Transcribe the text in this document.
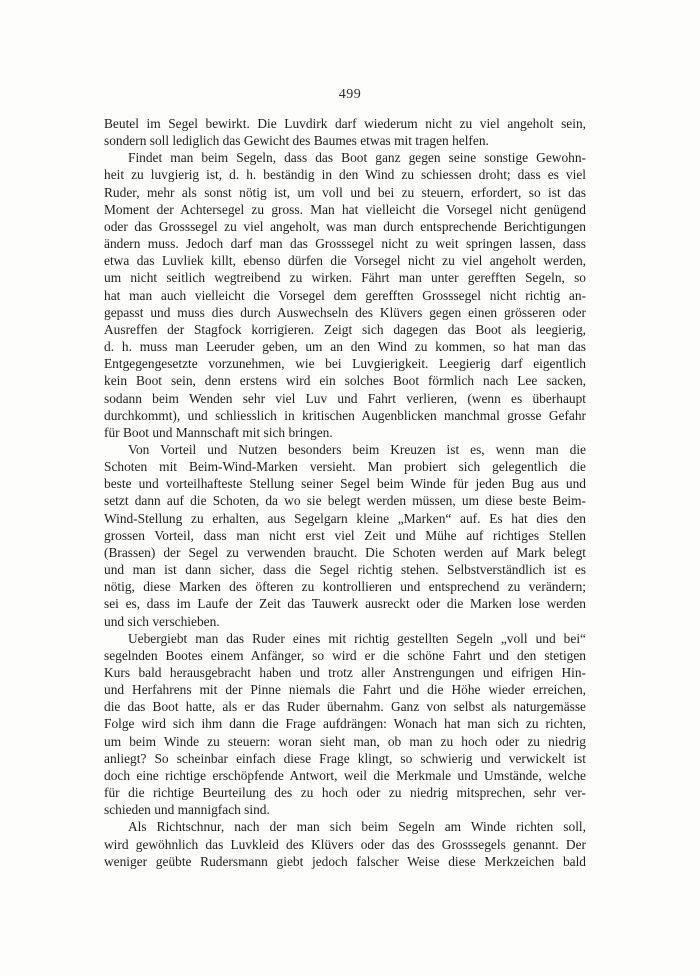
499

Beutel im Segel bewirkt. Die Luvdirk darf wiederum nicht zu viel angeholt sein,
sondern soll lediglich das Gewicht des Baumes etwas mit tragen helfen.

Findet man beim Segeln, dass das Boot ganz gegen seine sonstige Gewohn-
heit zu luvgierig ist, d. h. beständig in den Wind zu schiessen droht; dass es viel
Ruder, mehr als sonst nötig ist, um voll und bei zu steuern, erfordert, so ist das
Moment der Achtersegel zu gross. Man hat vielleicht die Vorsegel nicht genügend
oder das Grosssegel zu viel angeholt, was man durch entsprechende Berichtigungen
ändern muss. Jedoch darf man das Grosssegel nicht zu weit springen lassen, dass
etwa das Luvliek killt, ebenso dürfen die Vorsegel nicht zu viel angeholt werden,
um nicht seitlich wegtreibend zu wirken. Fährt man unter gerefften Segeln, so
hat man auch vielleicht die Vorsegel dem gerefften Grosssegel nicht richtig an-
gepasst und muss dies durch Auswechseln des Klüvers gegen einen grösseren oder
Ausreffen der Stagfock korrigieren. Zeigt sich dagegen das Boot als leegierig,
d. h. muss man Leeruder geben, um an den Wind zu kommen, so hat man das
Entgegengesetzte vorzunehmen, wie bei Luvgierigkeit. Leegierig darf eigentlich
kein Boot sein, denn erstens wird ein solches Boot förmlich nach Lee sacken,
sodann beim Wenden sehr viel Luv und Fahrt verlieren, (wenn es überhaupt
durchkommt), und schliesslich in kritischen Augenblicken manchmal grosse Gefahr
für Boot und Mannschaft mit sich bringen.

Von Vorteil und Nutzen besonders beim Kreuzen ist es, wenn man die
Schoten mit Beim-Wind-Marken versieht. Man probiert sich gelegentlich die
beste und vorteilhafteste Stellung seiner Segel beim Winde für jeden Bug aus und
setzt dann auf die Schoten, da wo sie belegt werden müssen, um diese beste Beim-
Wind-Stellung zu erhalten, aus Segelgarn kleine „Marken“ auf. Es hat dies den
grossen Vorteil, dass man nicht erst viel Zeit und Mühe auf richtiges Stellen
(Brassen) der Segel zu verwenden braucht. Die Schoten werden auf Mark belegt
und man ist dann sicher, dass die Segel richtig stehen. Selbstverständlich ist es
nötig, diese Marken des öfteren zu kontrollieren und entsprechend zu verändern;
sei es, dass im Laufe der Zeit das Tauwerk ausreckt oder die Marken lose werden
und sich verschieben.

Uebergiebt man das Ruder eines mit richtig gestellten Segeln „voll und bei“
segelnden Bootes einem Anfänger, so wird er die schöne Fahrt und den stetigen
Kurs bald herausgebracht haben und trotz aller Anstrengungen und eifrigen Hin-
und Herfahrens mit der Pinne niemals die Fahrt und die Höhe wieder erreichen,
die das Boot hatte, als er das Ruder übernahm. Ganz von selbst als naturgemässe
Folge wird sich ihm dann die Frage aufdrängen: Wonach hat man sich zu richten,
um beim Winde zu steuern: woran sieht man, ob man zu hoch oder zu niedrig
anliegt? So scheinbar einfach diese Frage klingt, so schwierig und verwickelt ist
doch eine richtige erschöpfende Antwort, weil die Merkmale und Umstände, welche
für die richtige Beurteilung des zu hoch oder zu niedrig mitsprechen, sehr ver-
schieden und mannigfach sind.

Als Richtschnur, nach der man sich beim Segeln am Winde richten soll,
wird gewöhnlich das Luvkleid des Klüvers oder das des Grosssegels genannt. Der
weniger geübte Rudersmann giebt jedoch falscher Weise diese Merkzeichen bald
